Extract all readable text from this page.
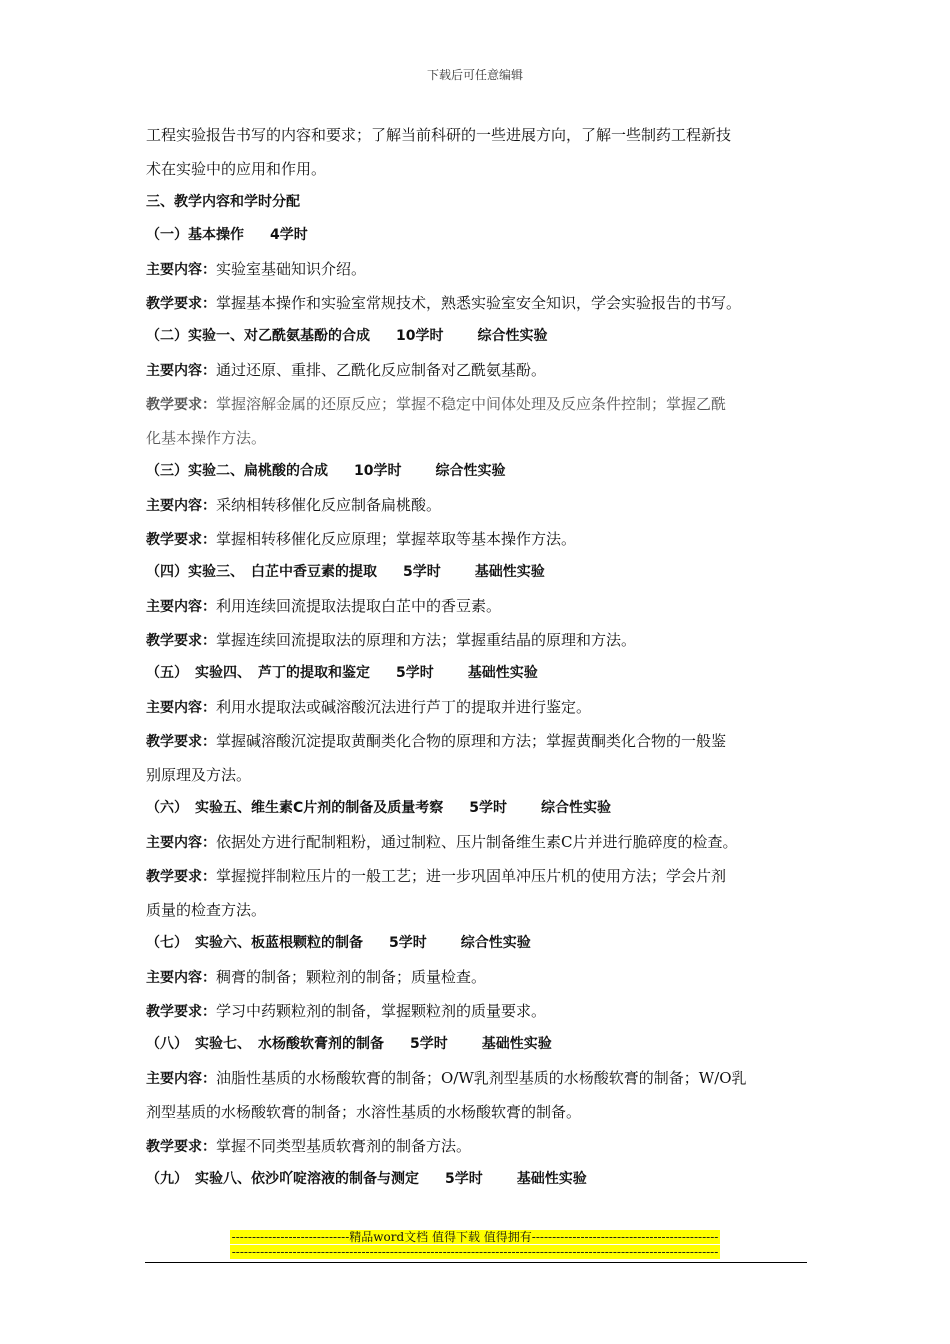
下载后可任意编辑
工程实验报告书写的内容和要求；了解当前科研的一些进展方向，了解一些制药工程新技
术在实验中的应用和作用。
三、教学内容和学时分配
（一）基本操作 4学时
主要内容：实验室基础知识介绍。
教学要求：掌握基本操作和实验室常规技术，熟悉实验室安全知识，学会实验报告的书写。
（二）实验一、对乙酰氨基酚的合成 10学时 综合性实验
主要内容：通过还原、重排、乙酰化反应制备对乙酰氨基酚。
教学要求：掌握溶解金属的还原反应；掌握不稳定中间体处理及反应条件控制；掌握乙酰
化基本操作方法。
（三）实验二、扁桃酸的合成 10学时 综合性实验
主要内容：采纳相转移催化反应制备扁桃酸。
教学要求：掌握相转移催化反应原理；掌握萃取等基本操作方法。
（四）实验三、　白芷中香豆素的提取 5学时 基础性实验
主要内容：利用连续回流提取法提取白芷中的香豆素。
教学要求：掌握连续回流提取法的原理和方法；掌握重结晶的原理和方法。
（五）　实验四、　芦丁的提取和鉴定 5学时 基础性实验
主要内容：利用水提取法或碱溶酸沉法进行芦丁的提取并进行鉴定。
教学要求：掌握碱溶酸沉淀提取黄酮类化合物的原理和方法；掌握黄酮类化合物的一般鉴
别原理及方法。
（六）　实验五、维生素C片剂的制备及质量考察 5学时 综合性实验
主要内容：依据处方进行配制粗粉，通过制粒、压片制备维生素C片并进行脆碎度的检查。
教学要求：掌握搅拌制粒压片的一般工艺；进一步巩固单冲压片机的使用方法；学会片剂
质量的检查方法。
（七）　实验六、板蓝根颗粒的制备 5学时 综合性实验
主要内容：稠膏的制备；颗粒剂的制备；质量检查。
教学要求：学习中药颗粒剂的制备，掌握颗粒剂的质量要求。
（八）　实验七、　水杨酸软膏剂的制备 5学时 基础性实验
主要内容：油脂性基质的水杨酸软膏的制备；O/W乳剂型基质的水杨酸软膏的制备；W/O乳
剂型基质的水杨酸软膏的制备；水溶性基质的水杨酸软膏的制备。
教学要求：掌握不同类型基质软膏剂的制备方法。
（九）　实验八、依沙吖啶溶液的制备与测定 5学时 基础性实验
-----------------------------精品word文档 值得下载 值得拥有----------------------------------------------
------------------------------------------------------------------------------------------------------------------------
